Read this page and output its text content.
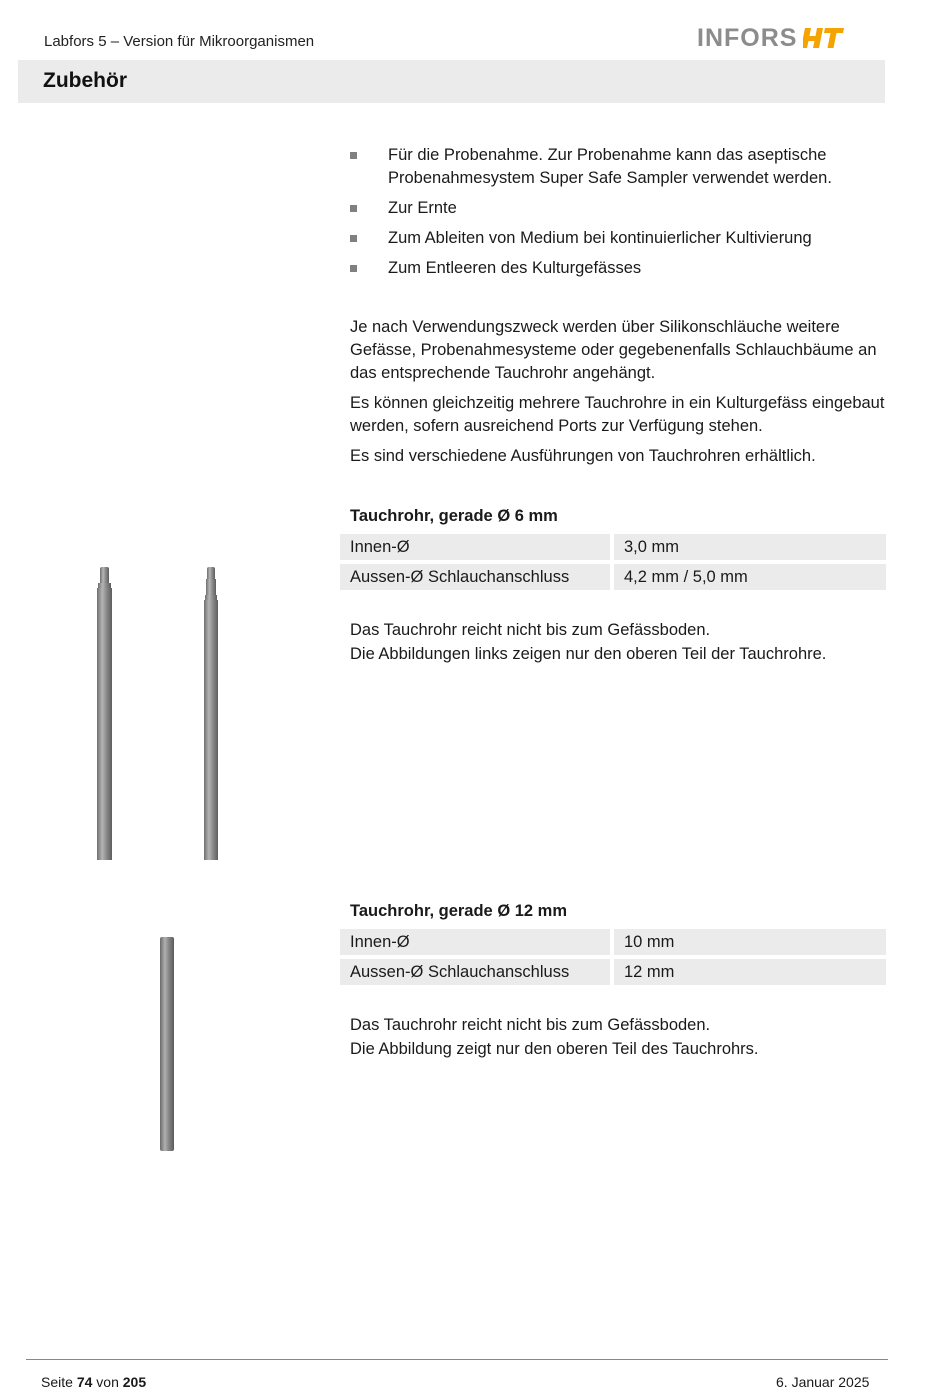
Labfors 5 – Version für Mikroorganismen	INFORS
Zubehör
Für die Probenahme. Zur Probenahme kann das aseptische Probenahmesystem Super Safe Sampler verwendet werden.
Zur Ernte
Zum Ableiten von Medium bei kontinuierlicher Kultivierung
Zum Entleeren des Kulturgefässes

Je nach Verwendungszweck werden über Silikonschläuche weitere Gefässe, Probenahmesysteme oder gegebenenfalls Schlauchbäume an das entsprechende Tauchrohr angehängt.

Es können gleichzeitig mehrere Tauchrohre in ein Kulturgefäss eingebaut werden, sofern ausreichend Ports zur Verfügung stehen.

Es sind verschiedene Ausführungen von Tauchrohren erhältlich.

Tauchrohr, gerade Ø 6 mm
Innen-Ø	3,0 mm
Aussen-Ø Schlauchanschluss	4,2 mm / 5,0 mm
Das Tauchrohr reicht nicht bis zum Gefässboden.
Die Abbildungen links zeigen nur den oberen Teil der Tauchrohre.
Tauchrohr, gerade Ø 12 mm
Innen-Ø	10 mm
Aussen-Ø Schlauchanschluss	12 mm
Das Tauchrohr reicht nicht bis zum Gefässboden.
Die Abbildung zeigt nur den oberen Teil des Tauchrohrs.
Seite 74 von 205	6. Januar 2025
